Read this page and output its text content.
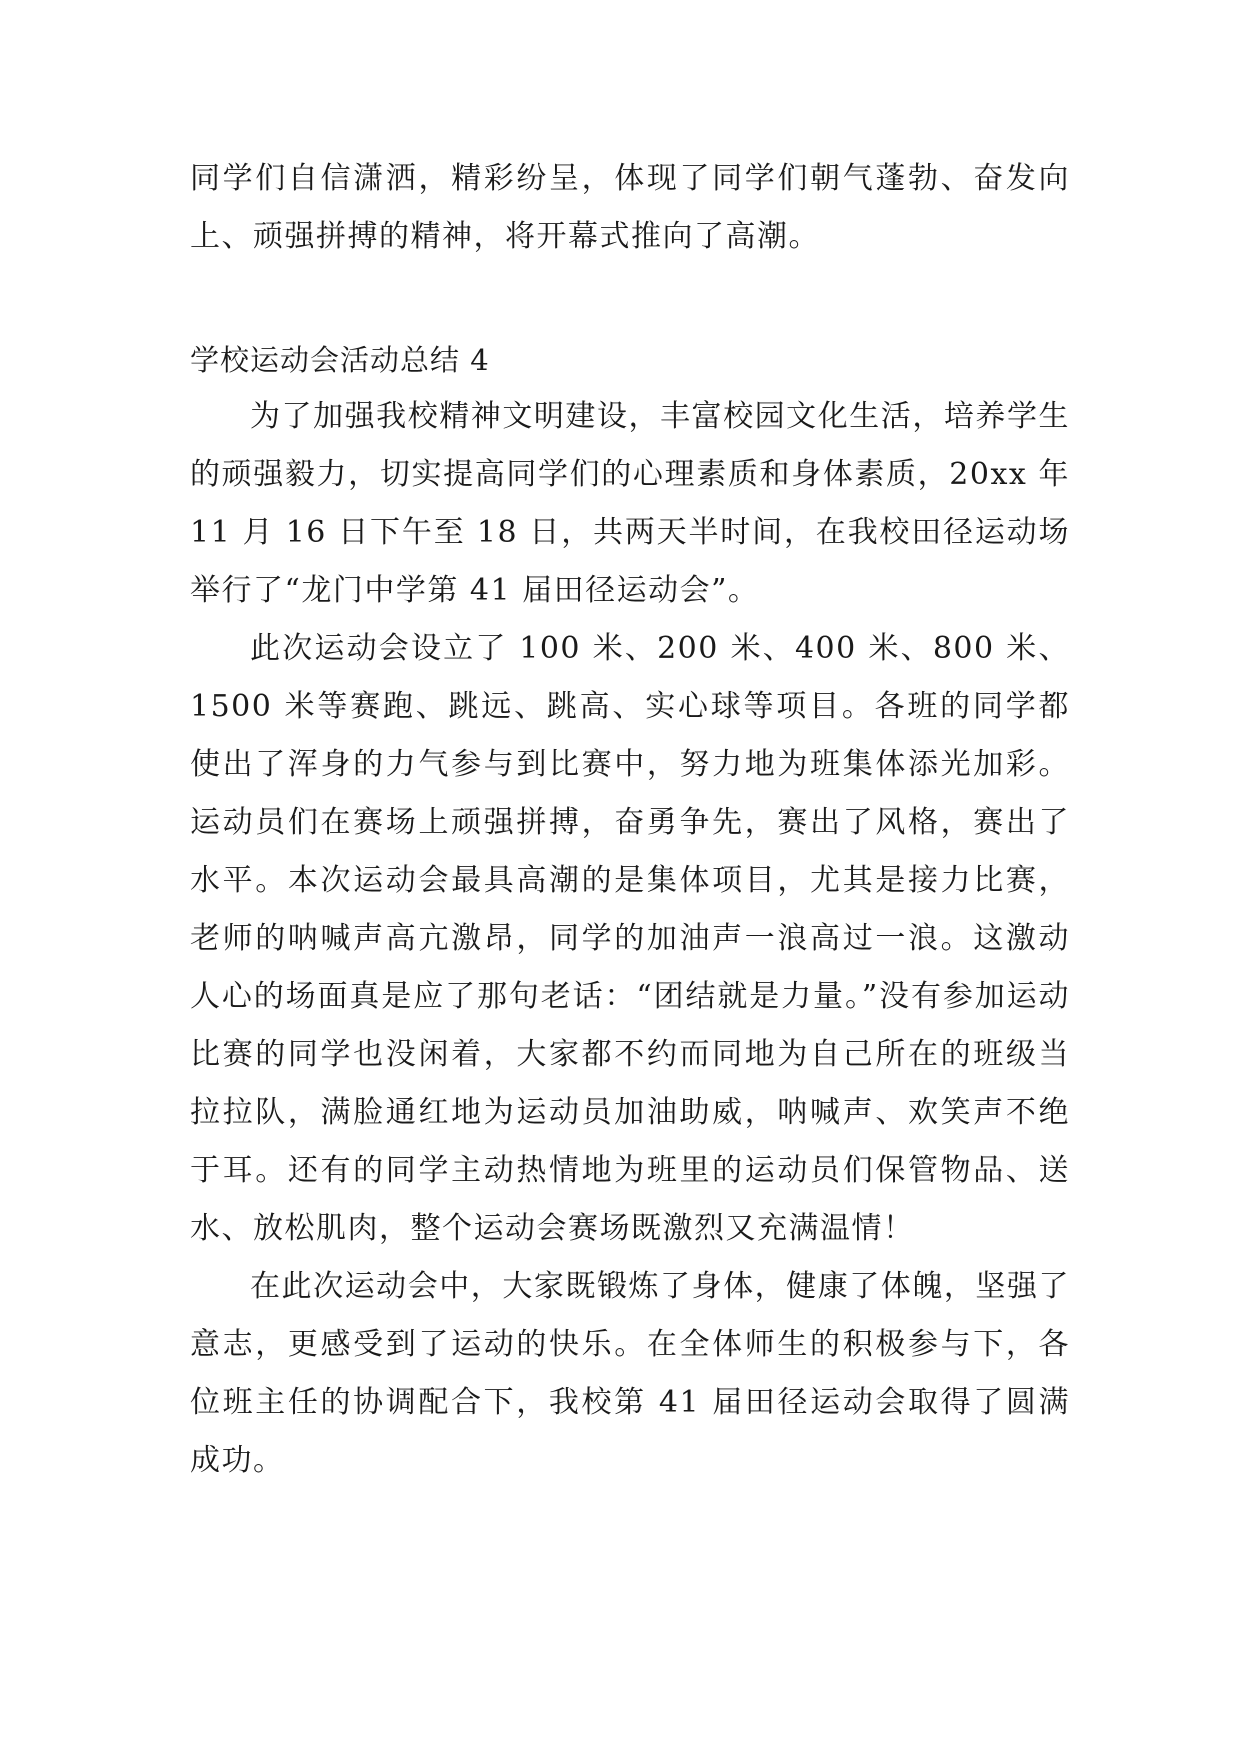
同学们自信潇洒，精彩纷呈，体现了同学们朝气蓬勃、奋发向上、顽强拼搏的精神，将开幕式推向了高潮。

学校运动会活动总结 4

为了加强我校精神文明建设，丰富校园文化生活，培养学生的顽强毅力，切实提高同学们的心理素质和身体素质，20xx 年 11 月 16 日下午至 18 日，共两天半时间，在我校田径运动场举行了“龙门中学第 41 届田径运动会”。

此次运动会设立了 100 米、200 米、400 米、800 米、1500 米等赛跑、跳远、跳高、实心球等项目。各班的同学都使出了浑身的力气参与到比赛中，努力地为班集体添光加彩。运动员们在赛场上顽强拼搏，奋勇争先，赛出了风格，赛出了水平。本次运动会最具高潮的是集体项目，尤其是接力比赛，老师的呐喊声高亢激昂，同学的加油声一浪高过一浪。这激动人心的场面真是应了那句老话：“团结就是力量。”没有参加运动比赛的同学也没闲着，大家都不约而同地为自己所在的班级当拉拉队，满脸通红地为运动员加油助威，呐喊声、欢笑声不绝于耳。还有的同学主动热情地为班里的运动员们保管物品、送水、放松肌肉，整个运动会赛场既激烈又充满温情！

在此次运动会中，大家既锻炼了身体，健康了体魄，坚强了意志，更感受到了运动的快乐。在全体师生的积极参与下，各位班主任的协调配合下，我校第 41 届田径运动会取得了圆满成功。
